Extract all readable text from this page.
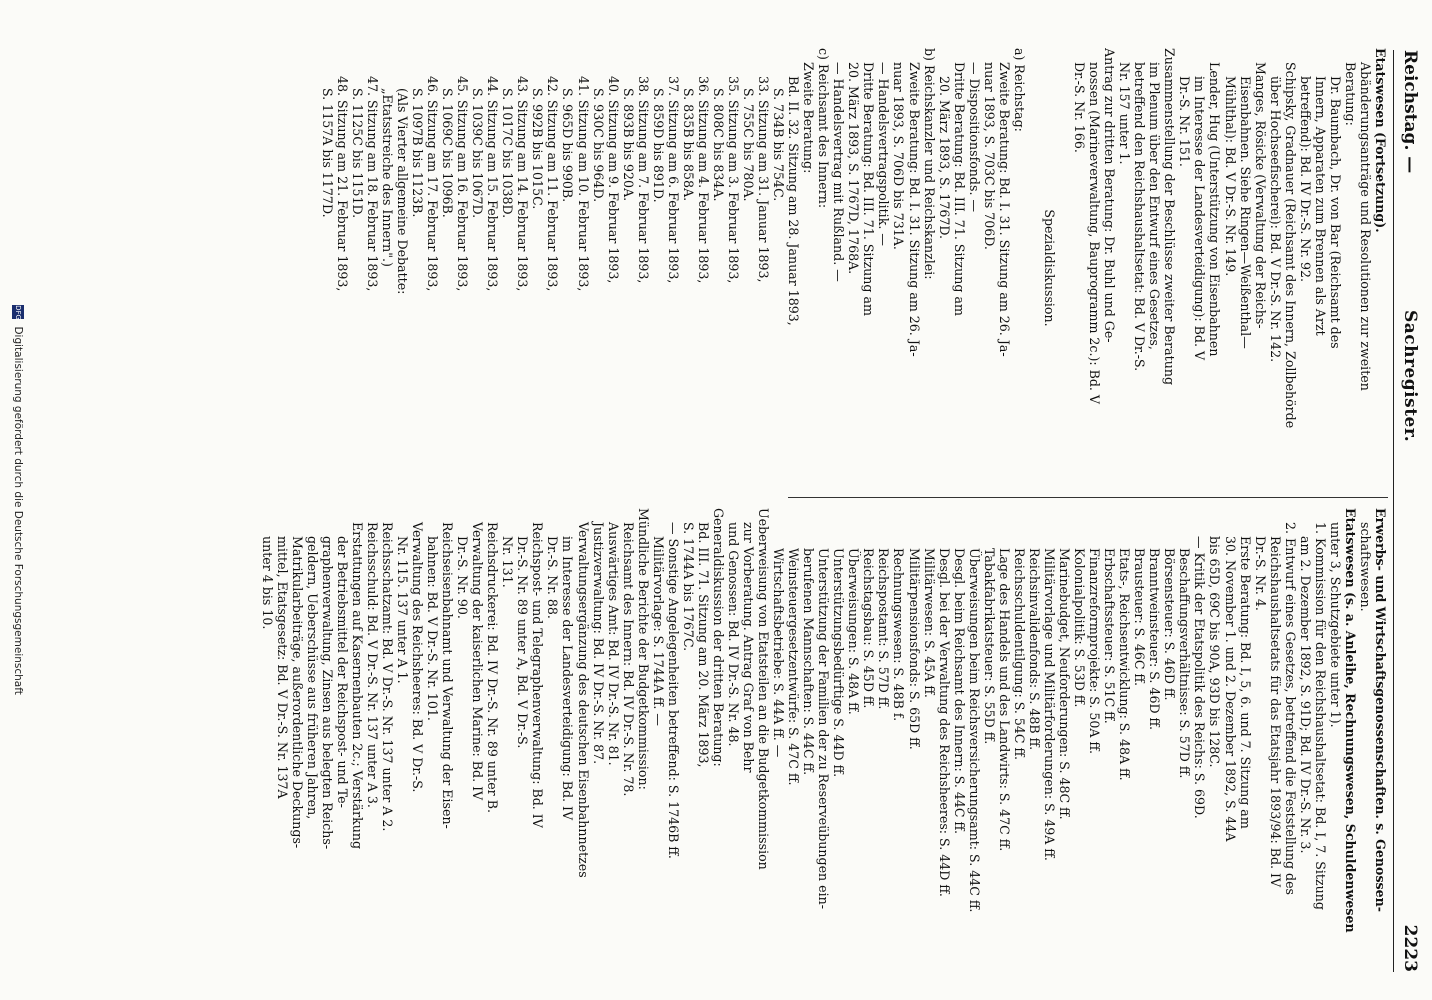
Reichstag. —
Sachregister.
2223
Etatswesen (Fortsetzung).
Abänderungsanträge und Resolutionen zur zweiten
Beratung:
Dr. Baumbach, Dr. von Bar (Reichsamt des
Innern, Apparaten zum Brennen als Arzt
betreffend): Bd. IV Dr.-S. Nr. 92.
Schipsky, Gradnauer (Reichsamt des Innern, Zollbehörde
über Hochseefischerei): Bd. V Dr.-S. Nr. 142.
Manges, Rösicke (Verwaltung der Reichs-
Eisenbahnen. Siehe Ringen—Weißenthal—
Mühlthal): Bd. V Dr.-S. Nr. 149.
Lender, Hug (Unterstützung von Eisenbahnen
im Interesse der Landesverteidigung): Bd. V
Dr.-S. Nr. 151.
Zusammenstellung der Beschlüsse zweiter Beratung
im Plenum über den Entwurf eines Gesetzes,
betreffend den Reichshaushaltsetat: Bd. V Dr.-S.
Nr. 157 unter 1.
Antrag zur dritten Beratung: Dr. Buhl und Ge-
nossen (Marineverwaltung, Bauprogramm 2c.): Bd. V
Dr.-S. Nr. 166.

Spezialdiskussion.

a) Reichstag:
Zweite Beratung: Bd. I. 31. Sitzung am 26. Ja-
nuar 1893, S. 703C bis 706D.
— Dispositionsfonds. —
Dritte Beratung: Bd. III. 71. Sitzung am
20. März 1893, S. 1767D.
b) Reichskanzler und Reichskanzlei:
Zweite Beratung: Bd. I. 31. Sitzung am 26. Ja-
nuar 1893, S. 706D bis 731A.
— Handelsvertragspolitik. —
Dritte Beratung: Bd. III. 71. Sitzung am
20. März 1893, S. 1767D, 1768A.
— Handelsvertrag mit Rußland. —
c) Reichsamt des Innern:
Zweite Beratung:
Bd. II. 32. Sitzung am 28. Januar 1893,
S. 734B bis 754C.
33. Sitzung am 31. Januar 1893,
S. 755C bis 780A.
35. Sitzung am 3. Februar 1893,
S. 808C bis 834A.
36. Sitzung am 4. Februar 1893,
S. 835B bis 858A.
37. Sitzung am 6. Februar 1893,
S. 859D bis 891D.
38. Sitzung am 7. Februar 1893,
S. 893B bis 920A.
40. Sitzung am 9. Februar 1893,
S. 930C bis 964D.
41. Sitzung am 10. Februar 1893,
S. 965D bis 990B.
42. Sitzung am 11. Februar 1893,
S. 992B bis 1015C.
43. Sitzung am 14. Februar 1893,
S. 1017C bis 1038D.
44. Sitzung am 15. Februar 1893,
S. 1039C bis 1067D.
45. Sitzung am 16. Februar 1893,
S. 1069C bis 1096B.
46. Sitzung am 17. Februar 1893,
S. 1097B bis 1123B.
(Als Vierter allgemeine Debatte:
„Etatsstreiche des Innern".)
47. Sitzung am 18. Februar 1893,
S. 1125C bis 1151D.
48. Sitzung am 21. Februar 1893,
S. 1157A bis 1177D.
Erwerbs- und Wirtschaftsgenossenschaften. s. Genossen-
schaftswesen.
Etatswesen (s. a. Anleihe, Rechnungswesen, Schuldenwesen
unter 3, Schutzgebiete unter 1).
1. Kommission für den Reichshaushaltsetat: Bd. I, 7. Sitzung
am 2. Dezember 1892, S. 91D; Bd. IV Dr.-S. Nr. 3.
2. Entwurf eines Gesetzes, betreffend die Feststellung des
Reichshaushaltsetats für das Etatsjahr 1893/94: Bd. IV
Dr.-S. Nr. 4.
Erste Beratung: Bd. I, 5, 6. und 7. Sitzung am
30. November 1. und 2. Dezember 1892, S. 44A
bis 65D, 69C bis 90A, 93D bis 128C.
— Kritik der Etatspolitik des Reichs: S. 69D.
Beschaffungsverhältnisse: S. 57D ff.
Börsensteuer: S. 46D ff.
Branntweinsteuer: S. 46D ff.
Brausteuer: S. 46C ff.
Etats-, Reichsentwicklung: S. 48A ff.
Erbschaftssteuer: S. 51C ff.
Finanzreformprojekte: S. 50A ff.
Kolonialpolitik: S. 53D ff.
Marinebudget, Neuforderungen: S. 48C ff.
Militärvorlage und Militärforderungen: S. 49A ff.
Reichsinvalidenfonds: S. 48B ff.
Reichsschuldentilgung: S. 54C ff.
Lage des Handels und des Landwirts: S. 47C ff.
Tabakfabrikatsteuer: S. 55D ff.
Überweisungen beim Reichsversicherungsamt: S. 44C ff.
Desgl. beim Reichsamt des Innern: S. 44C ff.
Desgl. bei der Verwaltung des Reichsheeres: S. 44D ff.
Militärwesen: S. 45A ff.
Militärpensionsfonds: S. 65D ff.
Rechnungswesen: S. 48B f.
Reichspostamt: S. 57D ff.
Reichstagsbau: S. 45D ff.
Überweisungen: S. 48A ff.
Unterstützungsbedürftige S. 44D ff.
Unterstützung der Familien der zu Reserveübungen ein-
berufenen Mannschaften: S. 44C ff.
Weinsteuergesetzentwürfe: S. 47C ff.
Wirtschaftsbetriebe: S. 44A ff. —
Ueberweisung von Etatsteilen an die Budgetkommission
zur Vorberatung. Antrag Graf von Behr
und Genossen: Bd. IV Dr.-S. Nr. 48.
Generaldiskussion der dritten Beratung:
Bd. III. 71. Sitzung am 20. März 1893,
S. 1744A bis 1767C.
— Sonstige Angelegenheiten betreffend: S. 1746B ff.
Militärvorlage: S. 1744A ff. —
Mündliche Berichte der Budgetkommission:
Reichsamt des Innern: Bd. IV Dr.-S. Nr. 78.
Auswärtiges Amt: Bd. IV Dr.-S. Nr. 81.
Justizverwaltung: Bd. IV Dr.-S. Nr. 87.
Verwaltungsergänzung des deutschen Eisenbahnnetzes
im Interesse der Landesverteidigung: Bd. IV
Dr.-S. Nr. 88.
Reichspost- und Telegraphenverwaltung: Bd. IV
Dr.-S. Nr. 89 unter A, Bd. V Dr.-S.
Nr. 131.
Reichsdruckerei: Bd. IV Dr.-S. Nr. 89 unter B.
Verwaltung der kaiserlichen Marine: Bd. IV
Dr.-S. Nr. 90.
Reichseisenbahnamt und Verwaltung der Eisen-
bahnen: Bd. V Dr.-S. Nr. 101.
Verwaltung des Reichsheeres: Bd. V Dr.-S.
Nr. 115. 137 unter A 1.
Reichsschatzamt: Bd. V Dr.-S. Nr. 137 unter A 2.
Reichsschuld: Bd. V Dr.-S. Nr. 137 unter A 3.
Erstattungen auf Kasernenbauten 2c.; Verstärkung
der Betriebsmittel der Reichspost- und Te-
graphenverwaltung, Zinsen aus belegten Reichs-
geldern, Ueberschüsse aus früheren Jahren,
Matrikularbeiträge, außerordentliche Deckungs-
mittel, Etatsgesetz: Bd. V Dr.-S. Nr. 137A
unter 4 bis 10.
DFG Digitalisierung gefördert durch die Deutsche Forschungsgemeinschaft
